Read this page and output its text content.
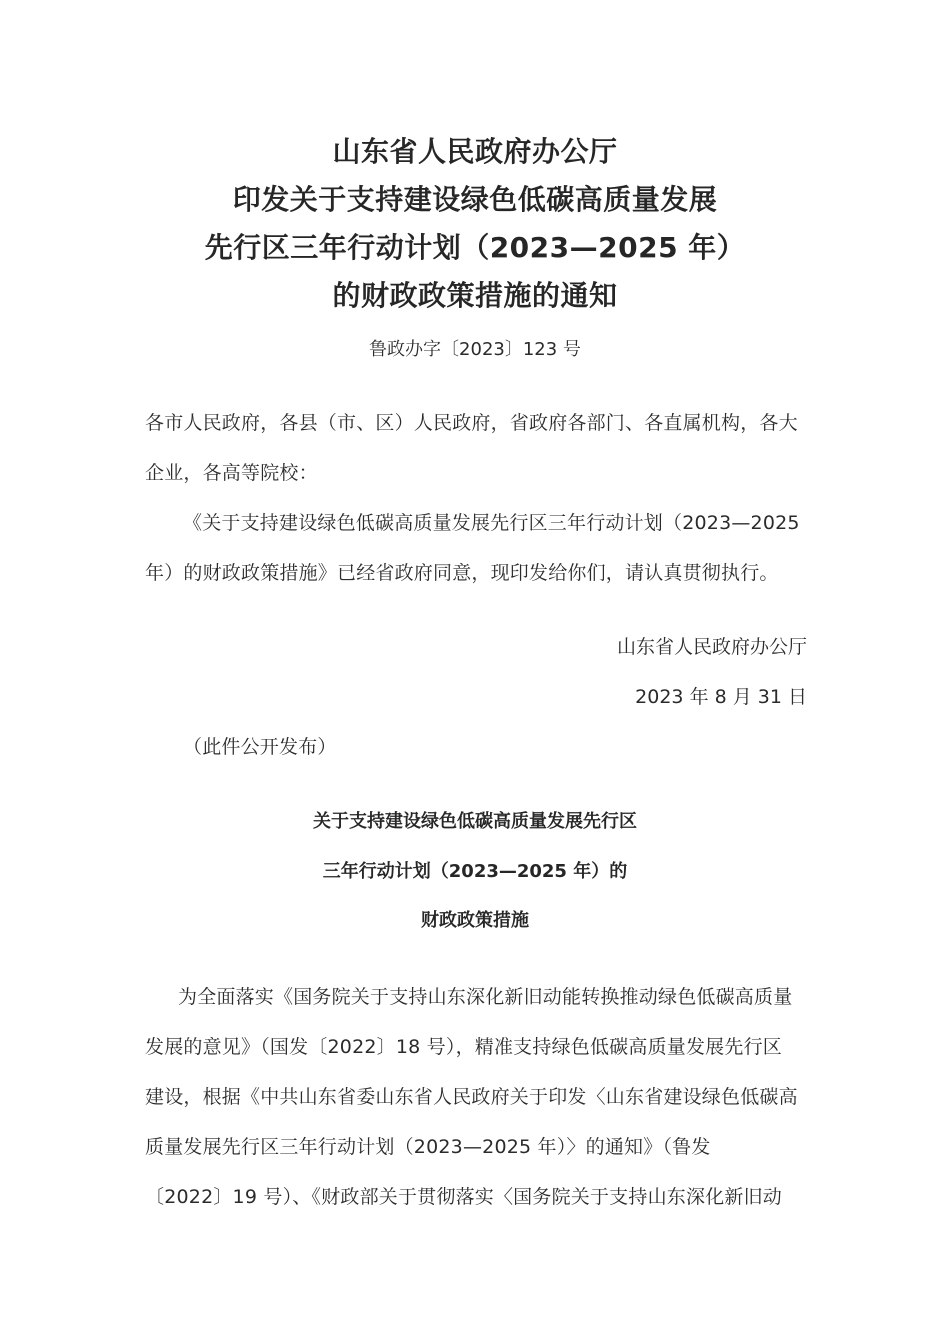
山东省人民政府办公厅
印发关于支持建设绿色低碳高质量发展
先行区三年行动计划（2023—2025 年）
的财政政策措施的通知
鲁政办字〔2023〕123 号
各市人民政府，各县（市、区）人民政府，省政府各部门、各直属机构，各大
企业，各高等院校：
《关于支持建设绿色低碳高质量发展先行区三年行动计划（2023—2025
年）的财政政策措施》已经省政府同意，现印发给你们，请认真贯彻执行。
山东省人民政府办公厅
2023 年 8 月 31 日
（此件公开发布）
关于支持建设绿色低碳高质量发展先行区
三年行动计划（2023—2025 年）的
财政政策措施
为全面落实《国务院关于支持山东深化新旧动能转换推动绿色低碳高质量
发展的意见》（国发〔2022〕18 号），精准支持绿色低碳高质量发展先行区
建设，根据《中共山东省委山东省人民政府关于印发〈山东省建设绿色低碳高
质量发展先行区三年行动计划（2023—2025 年）〉的通知》（鲁发
〔2022〕19 号）、《财政部关于贯彻落实〈国务院关于支持山东深化新旧动
